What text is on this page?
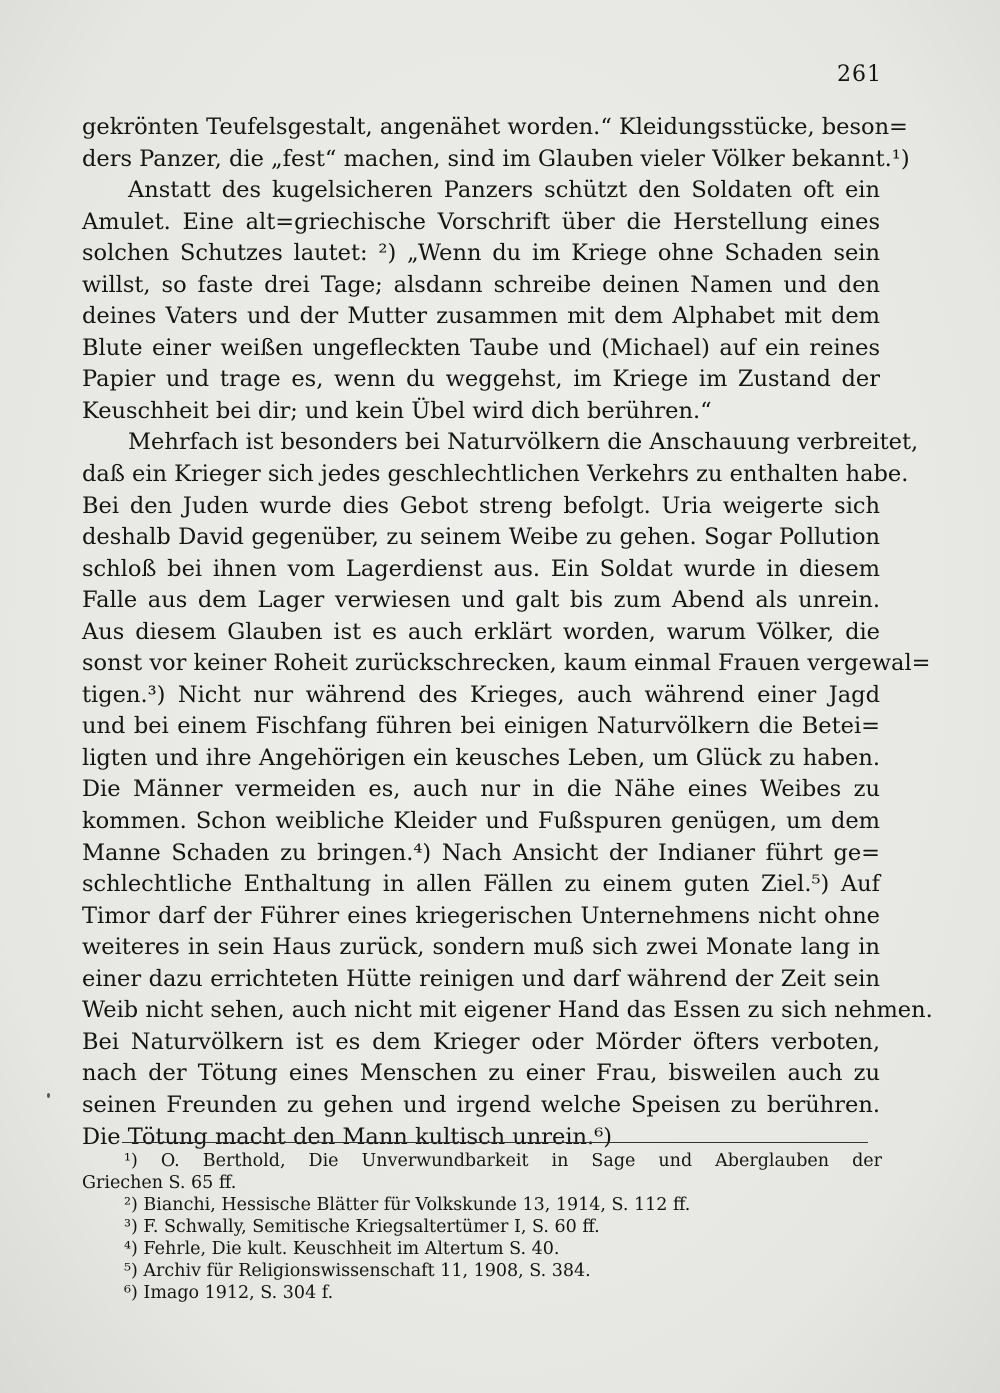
261
gekrönten Teufelsgestalt, angenähet worden.“ Kleidungsstücke, beson=
ders Panzer, die „fest“ machen, sind im Glauben vieler Völker bekannt.¹)
Anstatt des kugelsicheren Panzers schützt den Soldaten oft ein
Amulet. Eine alt=griechische Vorschrift über die Herstellung eines
solchen Schutzes lautet: ²) „Wenn du im Kriege ohne Schaden sein
willst, so faste drei Tage; alsdann schreibe deinen Namen und den
deines Vaters und der Mutter zusammen mit dem Alphabet mit dem
Blute einer weißen ungefleckten Taube und (Michael) auf ein reines
Papier und trage es, wenn du weggehst, im Kriege im Zustand der
Keuschheit bei dir; und kein Übel wird dich berühren.“
Mehrfach ist besonders bei Naturvölkern die Anschauung verbreitet,
daß ein Krieger sich jedes geschlechtlichen Verkehrs zu enthalten habe.
Bei den Juden wurde dies Gebot streng befolgt. Uria weigerte sich
deshalb David gegenüber, zu seinem Weibe zu gehen. Sogar Pollution
schloß bei ihnen vom Lagerdienst aus. Ein Soldat wurde in diesem
Falle aus dem Lager verwiesen und galt bis zum Abend als unrein.
Aus diesem Glauben ist es auch erklärt worden, warum Völker, die
sonst vor keiner Roheit zurückschrecken, kaum einmal Frauen vergewal=
tigen.³) Nicht nur während des Krieges, auch während einer Jagd
und bei einem Fischfang führen bei einigen Naturvölkern die Betei=
ligten und ihre Angehörigen ein keusches Leben, um Glück zu haben.
Die Männer vermeiden es, auch nur in die Nähe eines Weibes zu
kommen. Schon weibliche Kleider und Fußspuren genügen, um dem
Manne Schaden zu bringen.⁴) Nach Ansicht der Indianer führt ge=
schlechtliche Enthaltung in allen Fällen zu einem guten Ziel.⁵) Auf
Timor darf der Führer eines kriegerischen Unternehmens nicht ohne
weiteres in sein Haus zurück, sondern muß sich zwei Monate lang in
einer dazu errichteten Hütte reinigen und darf während der Zeit sein
Weib nicht sehen, auch nicht mit eigener Hand das Essen zu sich nehmen.
Bei Naturvölkern ist es dem Krieger oder Mörder öfters verboten,
nach der Tötung eines Menschen zu einer Frau, bisweilen auch zu
seinen Freunden zu gehen und irgend welche Speisen zu berühren.
Die Tötung macht den Mann kultisch unrein.⁶)
¹) O. Berthold, Die Unverwundbarkeit in Sage und Aberglauben der
Griechen S. 65 ff.
²) Bianchi, Hessische Blätter für Volkskunde 13, 1914, S. 112 ff.
³) F. Schwally, Semitische Kriegsaltertümer I, S. 60 ff.
⁴) Fehrle, Die kult. Keuschheit im Altertum S. 40.
⁵) Archiv für Religionswissenschaft 11, 1908, S. 384.
⁶) Imago 1912, S. 304 f.
